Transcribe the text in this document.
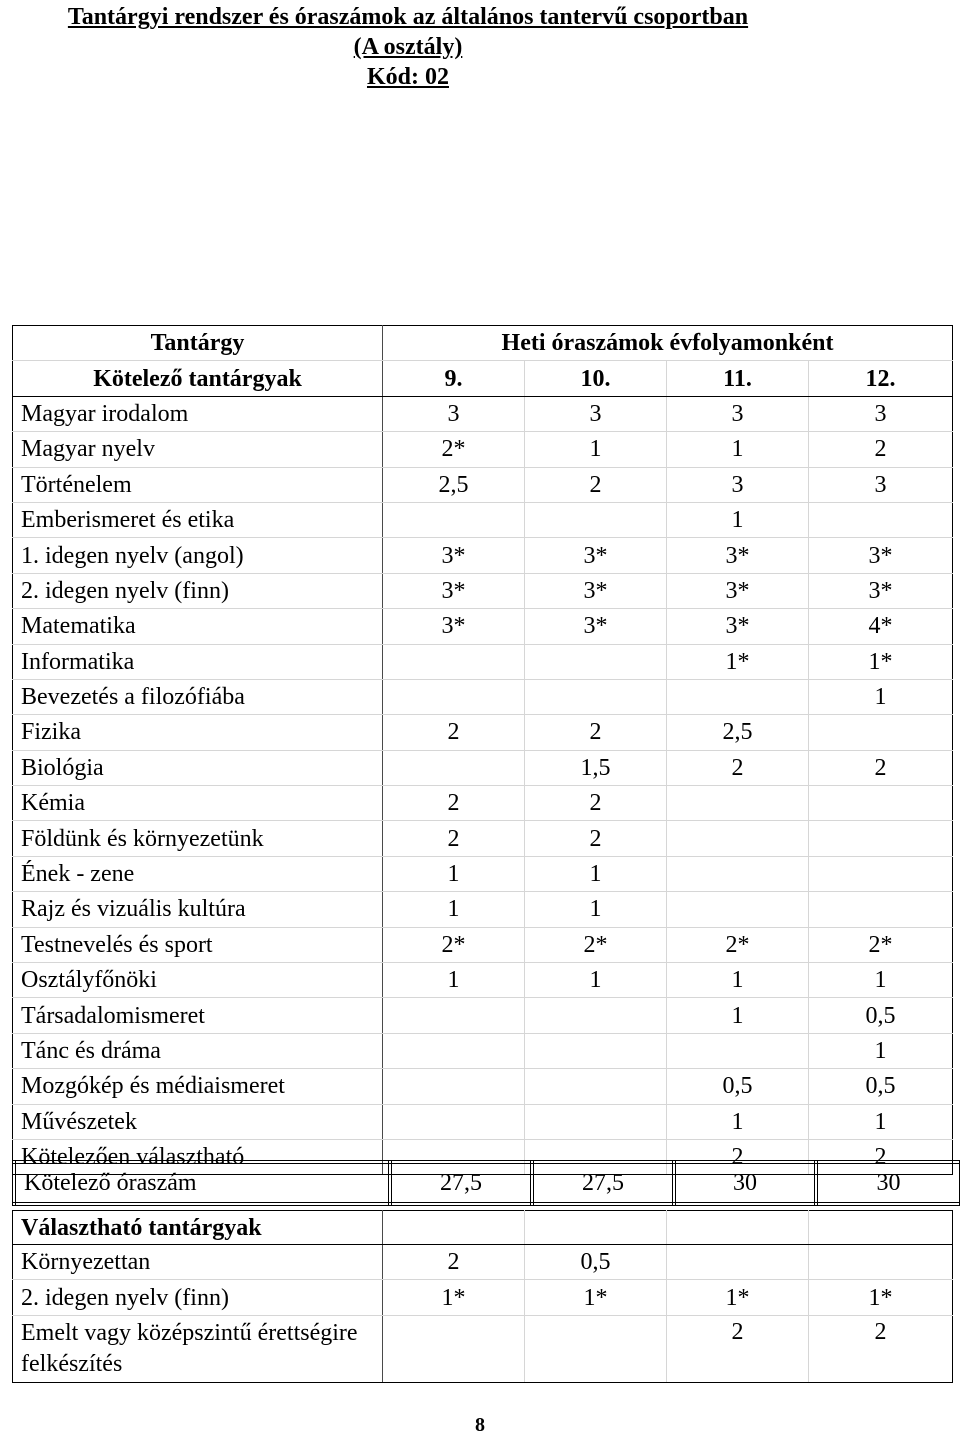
Tantárgyi rendszer és óraszámok az általános tantervű csoportban
(A osztály)
Kód: 02
Tantárgy	Heti óraszámok évfolyamonként			
Kötelező tantárgyak	9.	10.	11.	12.
Magyar irodalom	3	3	3	3
Magyar nyelv	2*	1	1	2
Történelem	2,5	2	3	3
Emberismeret és etika			1	
1. idegen nyelv (angol)	3*	3*	3*	3*
2. idegen nyelv (finn)	3*	3*	3*	3*
Matematika	3*	3*	3*	4*
Informatika			1*	1*
Bevezetés a filozófiába				1
Fizika	2	2	2,5	
Biológia		1,5	2	2
Kémia	2	2		
Földünk és környezetünk	2	2		
Ének - zene	1	1		
Rajz és vizuális kultúra	1	1		
Testnevelés és sport	2*	2*	2*	2*
Osztályfőnöki	1	1	1	1
Társadalomismeret			1	0,5
Tánc és dráma				1
Mozgókép és médiaismeret			0,5	0,5
Művészetek			1	1
Kötelezően választható			2	2
Kötelező óraszám	27,5	27,5	30	30
Választható tantárgyak				
Környezettan	2	0,5		
2. idegen nyelv (finn)	1*	1*	1*	1*
Emelt vagy középszintű érettségire felkészítés			2	2
8
